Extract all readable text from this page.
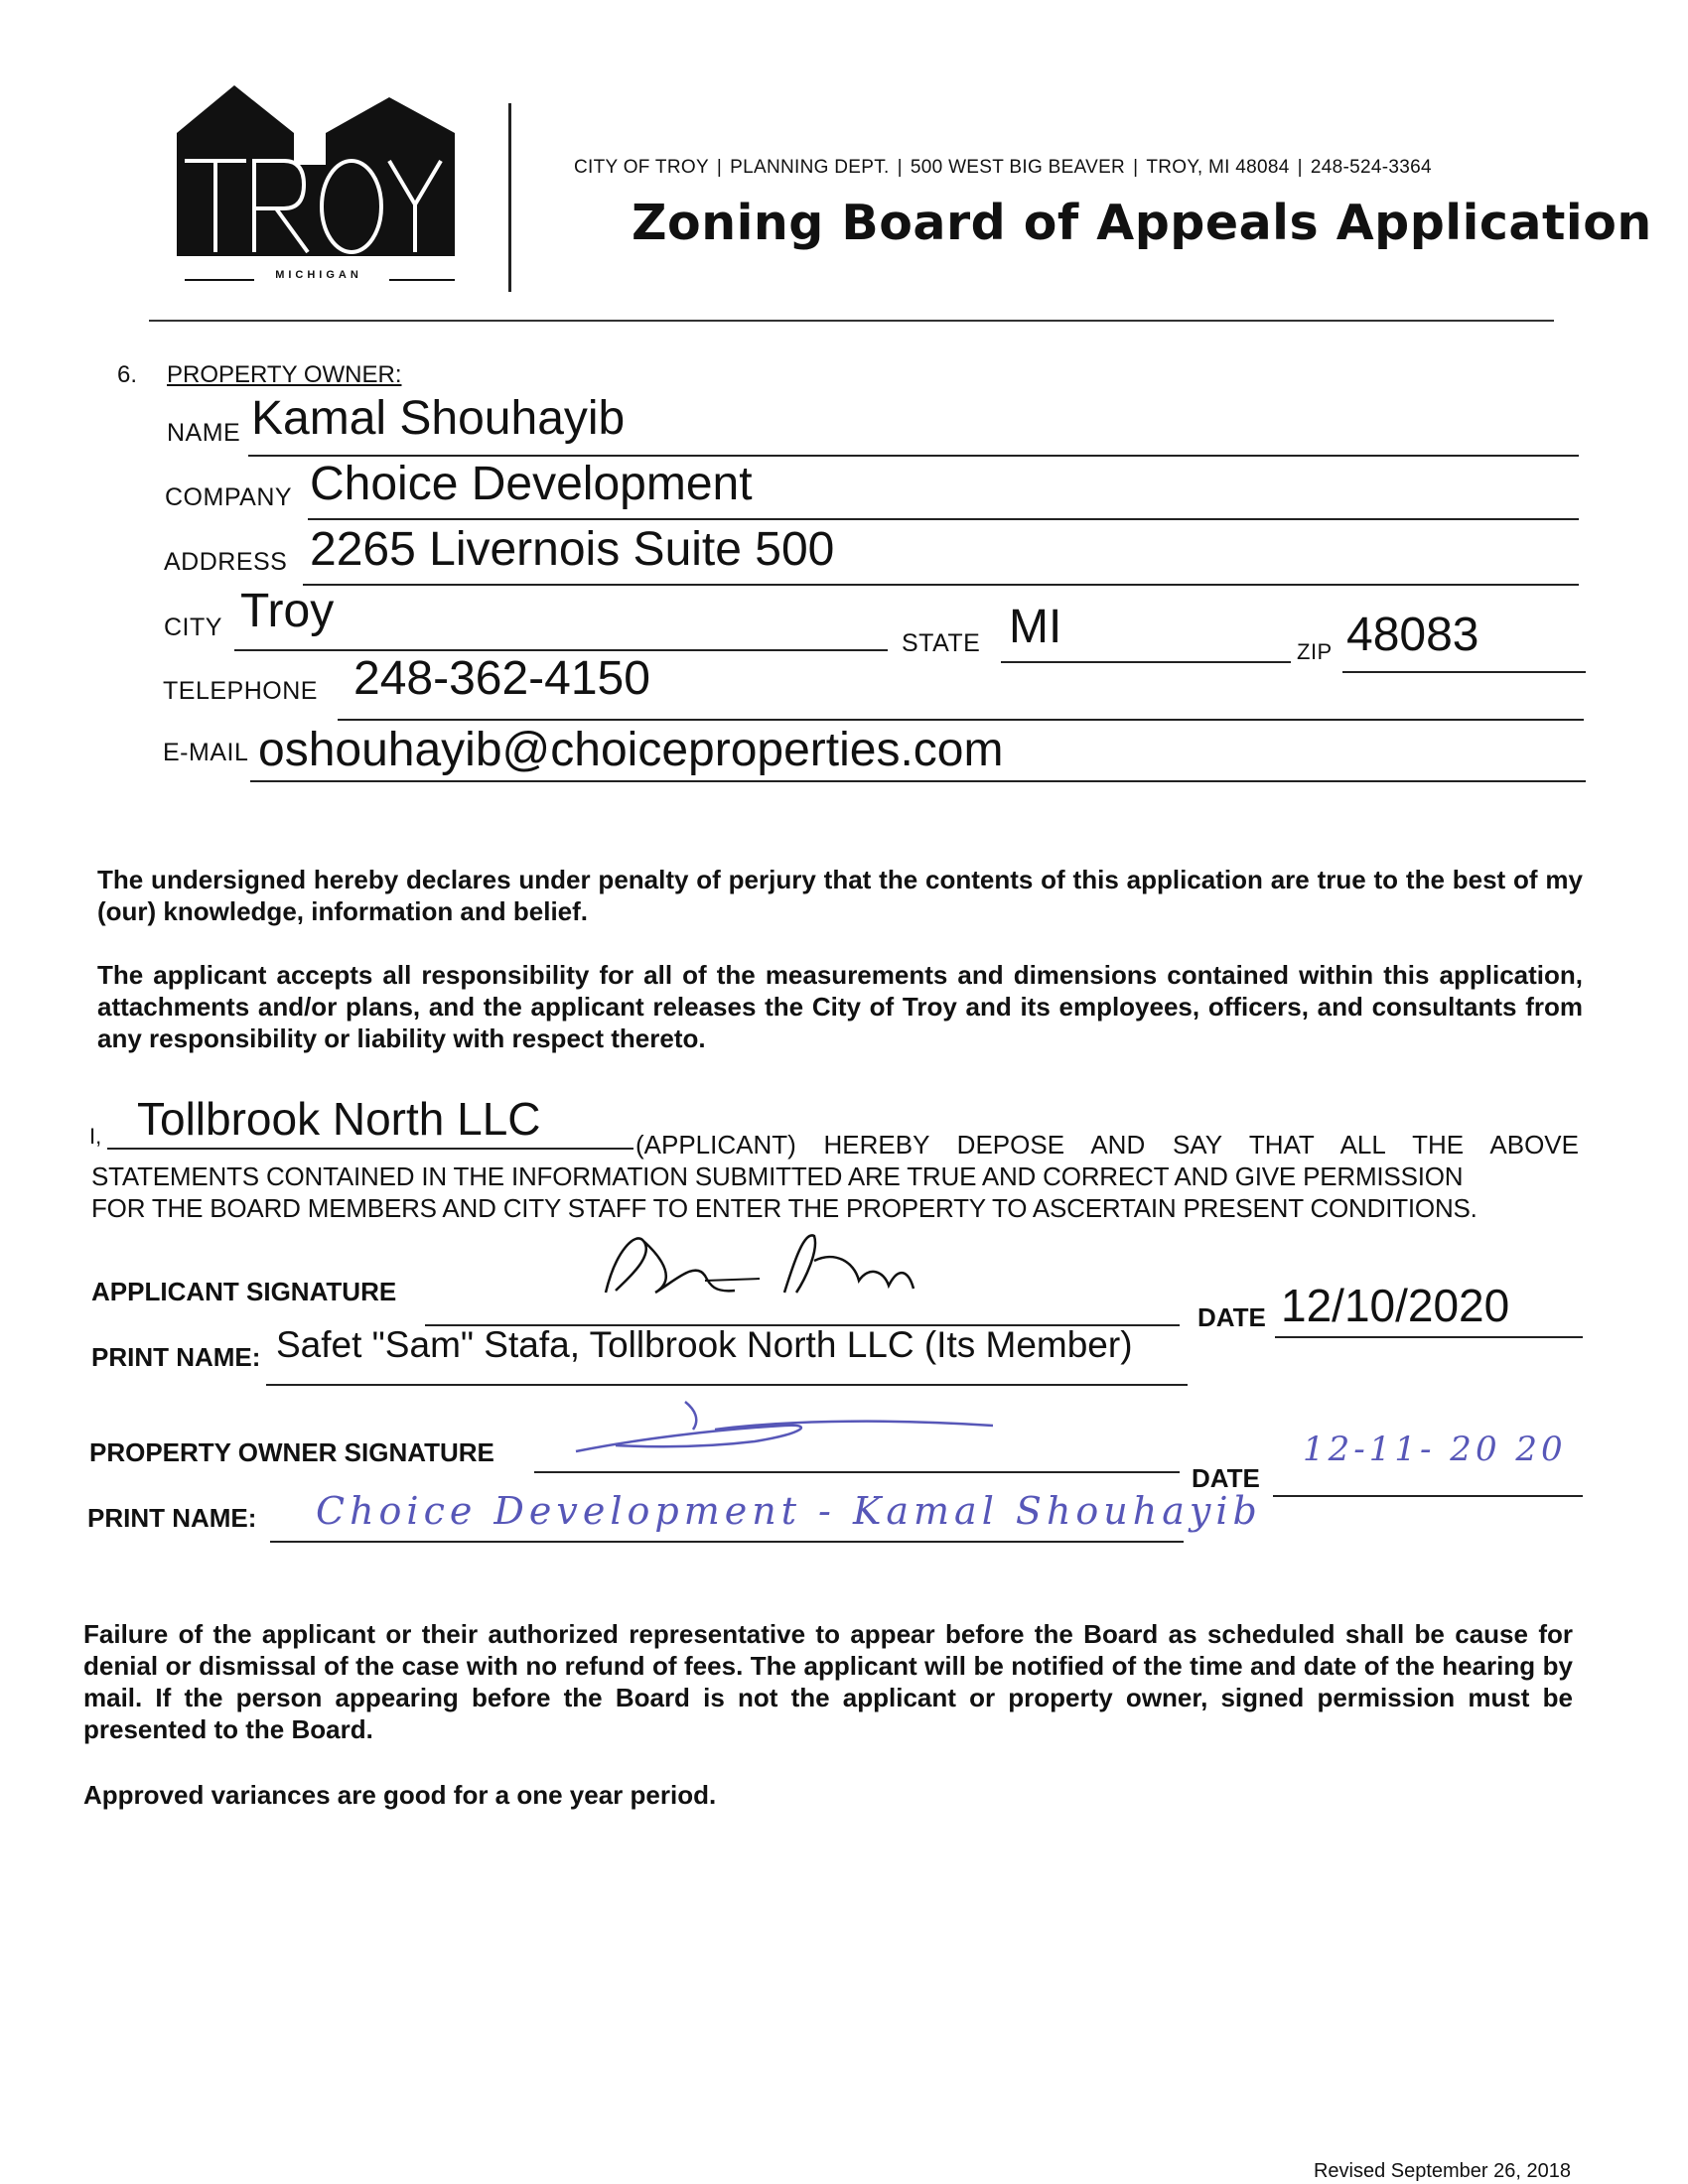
MICHIGAN
CITY OF TROY | PLANNING DEPT. | 500 WEST BIG BEAVER | TROY, MI 48084 | 248-524-3364
Zoning Board of Appeals Application
6. PROPERTY OWNER:
NAME Kamal Shouhayib
COMPANY Choice Development
ADDRESS 2265 Livernois Suite 500
CITY Troy
STATE MI	ZIP 48083
TELEPHONE 248-362-4150
E-MAIL oshouhayib@choiceproperties.com
The undersigned hereby declares under penalty of perjury that the contents of this application are true to the best of my (our) knowledge, information and belief.
The applicant accepts all responsibility for all of the measurements and dimensions contained within this application, attachments and/or plans, and the applicant releases the City of Troy and its employees, officers, and consultants from any responsibility or liability with respect thereto.
I, Tollbrook North LLC	(APPLICANT) HEREBY DEPOSE AND SAY THAT ALL THE ABOVE
STATEMENTS CONTAINED IN THE INFORMATION SUBMITTED ARE TRUE AND CORRECT AND GIVE PERMISSION
FOR THE BOARD MEMBERS AND CITY STAFF TO ENTER THE PROPERTY TO ASCERTAIN PRESENT CONDITIONS.
APPLICANT SIGNATURE
DATE 12/10/2020
PRINT NAME: Safet "Sam" Stafa, Tollbrook North LLC (Its Member)
PROPERTY OWNER SIGNATURE
DATE
12-11- 20 20
PRINT NAME: Choice Development - Kamal Shouhayib
Failure of the applicant or their authorized representative to appear before the Board as scheduled shall be cause for denial or dismissal of the case with no refund of fees. The applicant will be notified of the time and date of the hearing by mail. If the person appearing before the Board is not the applicant or property owner, signed permission must be presented to the Board.
Approved variances are good for a one year period.
Revised September 26, 2018
